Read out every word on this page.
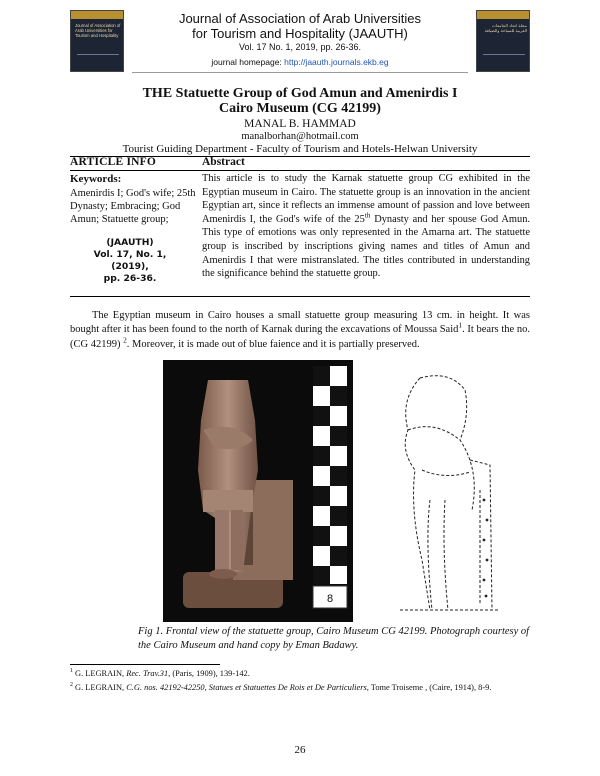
Journal of Association of Arab Universities for Tourism and Hospitality
Journal of Association of Arab Universities
for Tourism and Hospitality (JAAUTH)
Vol. 17 No. 1, 2019, pp. 26-36.
journal homepage: http://jaauth.journals.ekb.eg
مجلة اتحاد الجامعات العربية للسياحة والضيافة
THE Statuette Group of God Amun and Amenirdis I
Cairo Museum (CG 42199)
MANAL B. HAMMAD
manalborhan@hotmail.com
Tourist Guiding Department - Faculty of Tourism and Hotels-Helwan University
ARTICLE INFO	Abstract
Keywords:
Amenirdis I; God's wife; 25th Dynasty; Embracing; God Amun; Statuette group;
(JAAUTH)
Vol. 17, No. 1,
(2019),
pp. 26-36.
This article is to study the Karnak statuette group CG exhibited in the Egyptian museum in Cairo. The statuette group is an innovation in the ancient Egyptian art, since it reflects an immense amount of passion and love between Amenirdis I, the God's wife of the 25th Dynasty and her spouse God Amun. This type of emotions was only represented in the Amarna art. The statuette group is inscribed by inscriptions giving names and titles of Amun and Amenirdis I that were mistranslated. The titles contributed in understanding the significance behind the statuette group.
The Egyptian museum in Cairo houses a small statuette group measuring 13 cm. in height. It was bought after it has been found to the north of Karnak during the excavations of Moussa Said$^1$. It bears the no. (CG 42199) $^2$. Moreover, it is made out of blue faience and it is partially preserved.
8
Fig 1. Frontal view of the statuette group, Cairo Museum CG 42199. Photograph courtesy of the Cairo Museum and hand copy by Eman Badawy.
$^1$ G. LEGRAIN, Rec. Trav.31, (Paris, 1909), 139-142.
$^2$ G. LEGRAIN, C.G. nos. 42192-42250, Statues et Statuettes De Rois et De Particuliers, Tome Troiseme , (Caire, 1914), 8-9.
26
